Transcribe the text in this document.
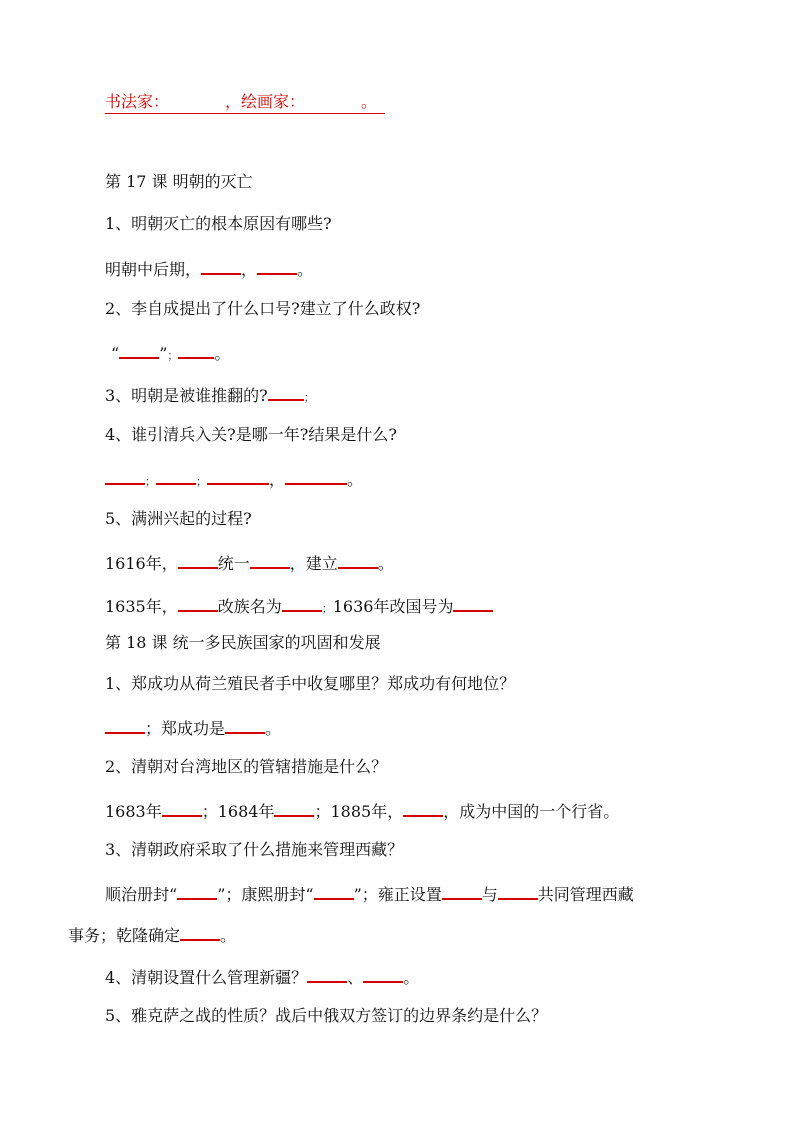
书法家：	，绘画家：	。
第 17 课 明朝的灭亡
1、明朝灭亡的根本原因有哪些?
明朝中后期，	，	。
2、李自成提出了什么口号?建立了什么政权?
“	”； 。
3、明朝是被谁推翻的?	；
4、谁引清兵入关?是哪一年?结果是什么?
；	；	，	。
5、满洲兴起的过程?
1616年，	统一	，建立	。
1635年，	改族名为	；1636年改国号为
第 18 课 统一多民族国家的巩固和发展
1、郑成功从荷兰殖民者手中收复哪里？郑成功有何地位？
；郑成功是	。
2、清朝对台湾地区的管辖措施是什么？
1683年	；1684年	；1885年，	，成为中国的一个行省。
3、清朝政府采取了什么措施来管理西藏？
顺治册封“	”；康熙册封“	”；雍正设置	与	共同管理西藏
事务；乾隆确定	。
4、清朝设置什么管理新疆？	、	。
5、雅克萨之战的性质？战后中俄双方签订的边界条约是什么？
